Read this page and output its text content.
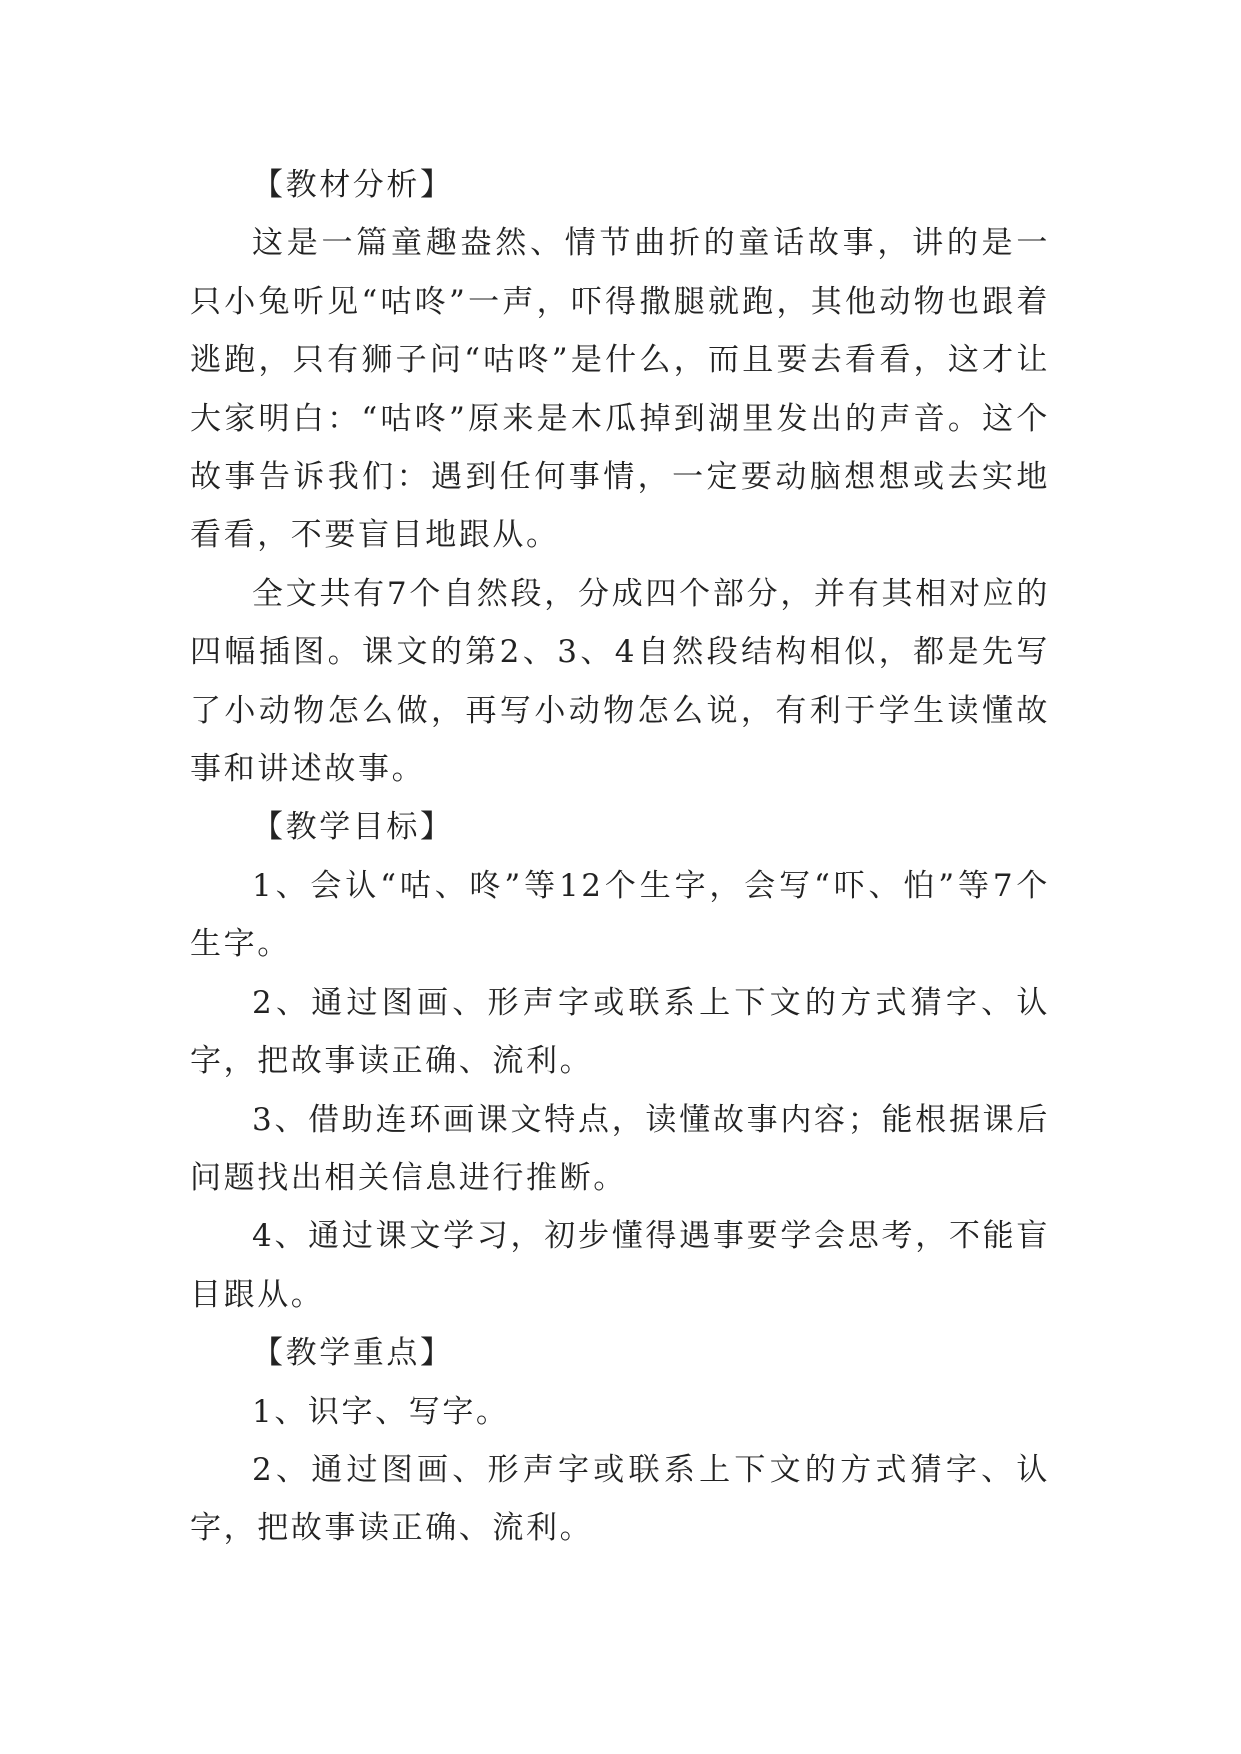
【教材分析】

这是一篇童趣盎然、情节曲折的童话故事，讲的是一只小兔听见“咕咚”一声，吓得撒腿就跑，其他动物也跟着逃跑，只有狮子问“咕咚”是什么，而且要去看看，这才让大家明白：“咕咚”原来是木瓜掉到湖里发出的声音。这个故事告诉我们：遇到任何事情，一定要动脑想想或去实地看看，不要盲目地跟从。

全文共有7个自然段，分成四个部分，并有其相对应的四幅插图。课文的第2、3、4自然段结构相似，都是先写了小动物怎么做，再写小动物怎么说，有利于学生读懂故事和讲述故事。

【教学目标】

1、会认“咕、咚”等12个生字，会写“吓、怕”等7个生字。

2、通过图画、形声字或联系上下文的方式猜字、认字，把故事读正确、流利。

3、借助连环画课文特点，读懂故事内容；能根据课后问题找出相关信息进行推断。

4、通过课文学习，初步懂得遇事要学会思考，不能盲目跟从。

【教学重点】

1、识字、写字。

2、通过图画、形声字或联系上下文的方式猜字、认字，把故事读正确、流利。
